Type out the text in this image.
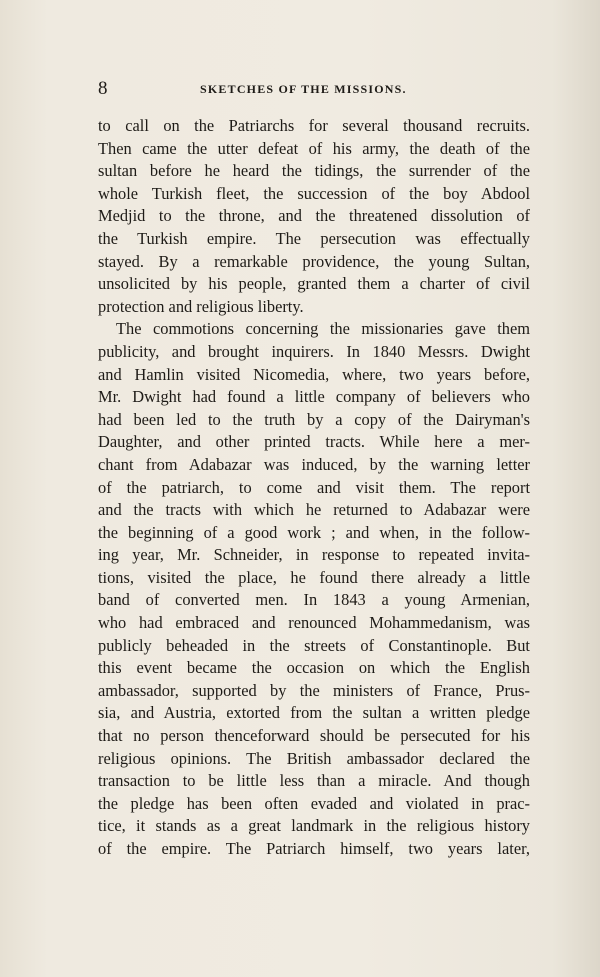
8	SKETCHES OF THE MISSIONS.
to call on the Patriarchs for several thousand recruits.
Then came the utter defeat of his army, the death of the
sultan before he heard the tidings, the surrender of the
whole Turkish fleet, the succession of the boy Abdool
Medjid to the throne, and the threatened dissolution of
the Turkish empire. The persecution was effectually
stayed. By a remarkable providence, the young Sultan,
unsolicited by his people, granted them a charter of civil
protection and religious liberty.
The commotions concerning the missionaries gave them
publicity, and brought inquirers. In 1840 Messrs. Dwight
and Hamlin visited Nicomedia, where, two years before,
Mr. Dwight had found a little company of believers who
had been led to the truth by a copy of the Dairyman's
Daughter, and other printed tracts. While here a mer-
chant from Adabazar was induced, by the warning letter
of the patriarch, to come and visit them. The report
and the tracts with which he returned to Adabazar were
the beginning of a good work ; and when, in the follow-
ing year, Mr. Schneider, in response to repeated invita-
tions, visited the place, he found there already a little
band of converted men. In 1843 a young Armenian,
who had embraced and renounced Mohammedanism, was
publicly beheaded in the streets of Constantinople. But
this event became the occasion on which the English
ambassador, supported by the ministers of France, Prus-
sia, and Austria, extorted from the sultan a written pledge
that no person thenceforward should be persecuted for his
religious opinions. The British ambassador declared the
transaction to be little less than a miracle. And though
the pledge has been often evaded and violated in prac-
tice, it stands as a great landmark in the religious history
of the empire. The Patriarch himself, two years later,
